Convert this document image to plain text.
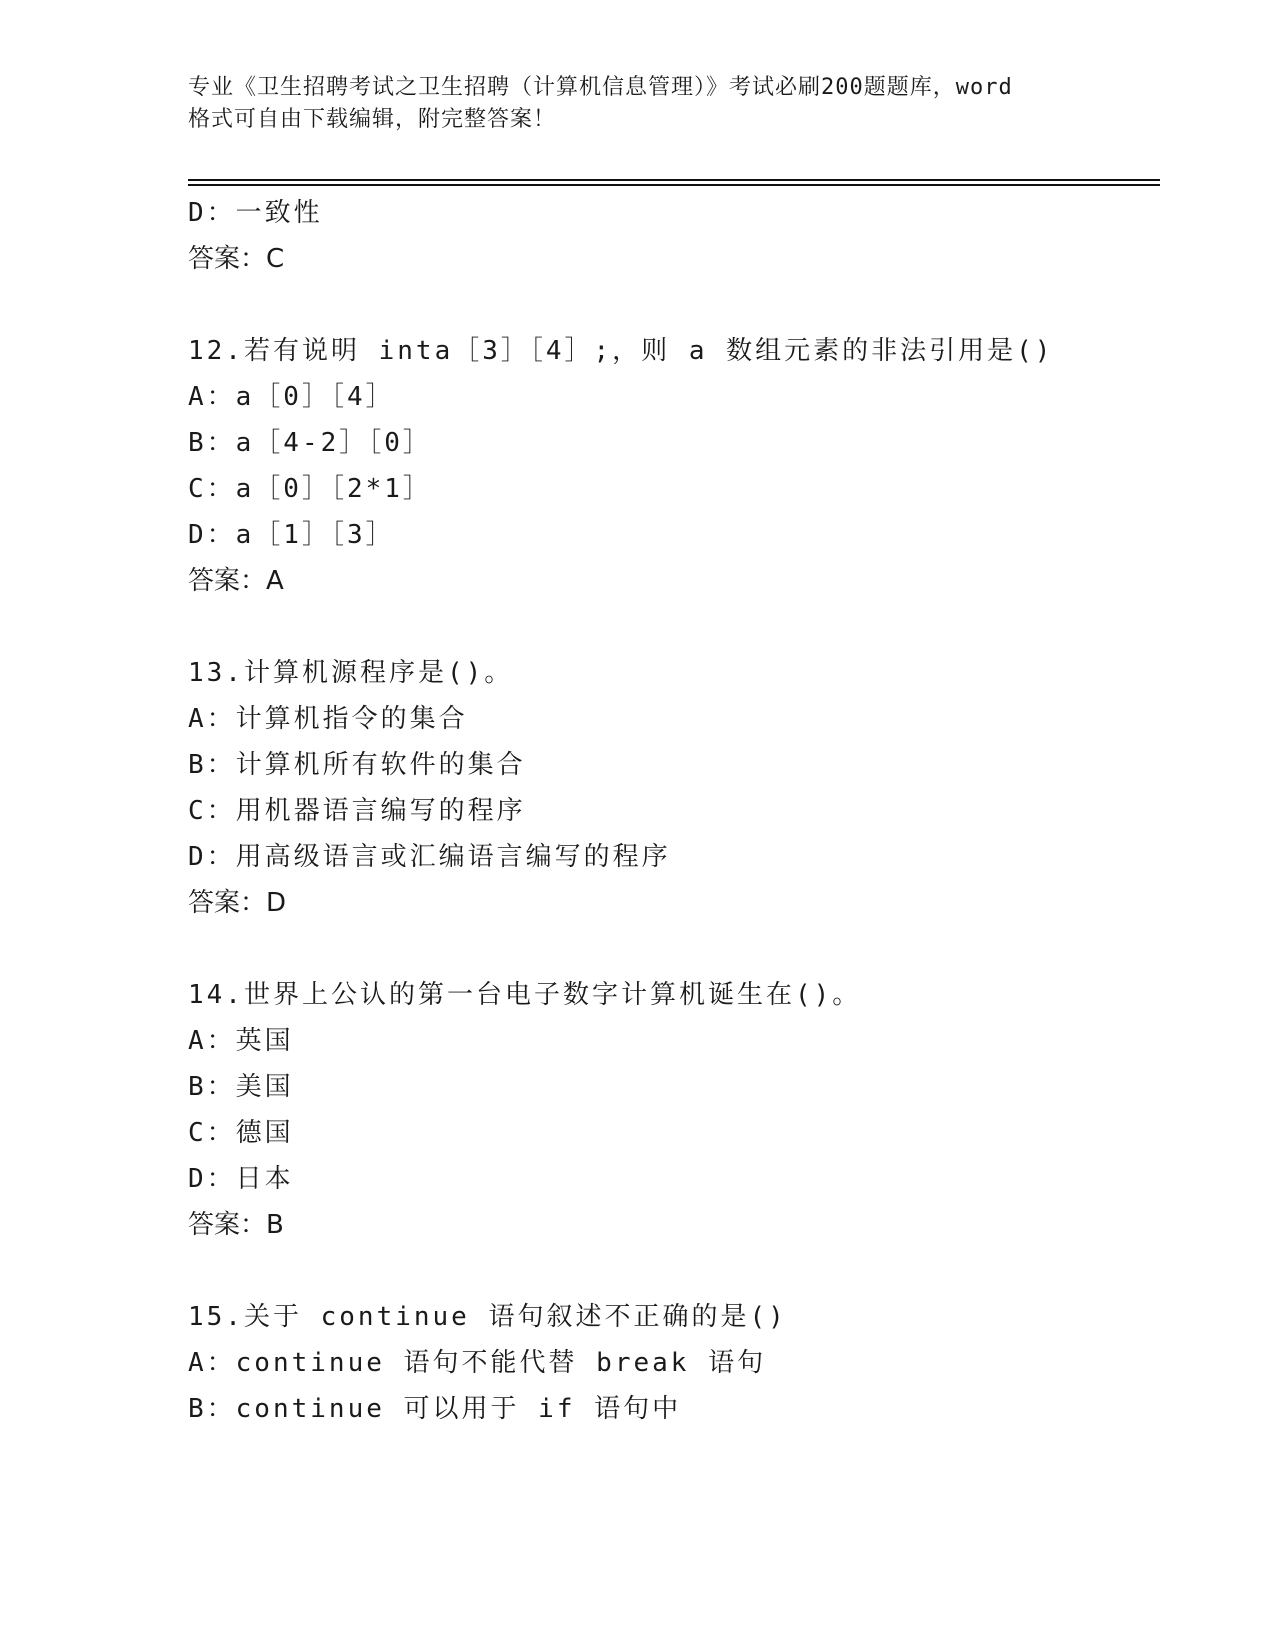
专业《卫生招聘考试之卫生招聘（计算机信息管理）》考试必刷200题题库，word
格式可自由下载编辑，附完整答案！
D：一致性
答案：C
12.若有说明 inta［3］［4］;，则 a 数组元素的非法引用是()
A：a［0］［4］
B：a［4-2］［0］
C：a［0］［2*1］
D：a［1］［3］
答案：A
13.计算机源程序是()。
A：计算机指令的集合
B：计算机所有软件的集合
C：用机器语言编写的程序
D：用高级语言或汇编语言编写的程序
答案：D
14.世界上公认的第一台电子数字计算机诞生在()。
A：英国
B：美国
C：德国
D：日本
答案：B
15.关于 continue 语句叙述不正确的是()
A：continue 语句不能代替 break 语句
B：continue 可以用于 if 语句中
